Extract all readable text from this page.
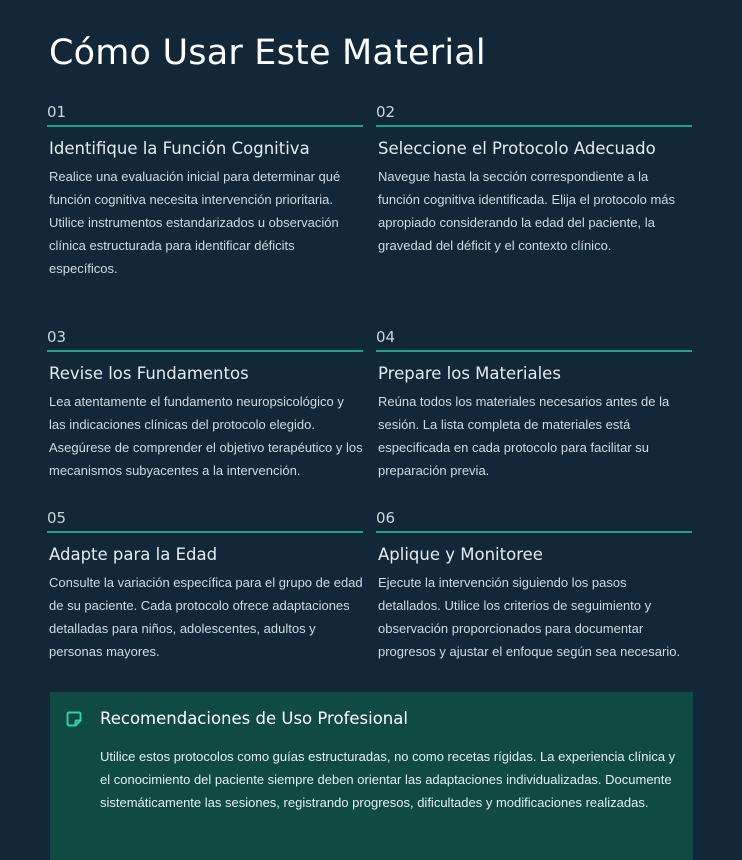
Cómo Usar Este Material
01
Identifique la Función Cognitiva

Realice una evaluación inicial para determinar qué función cognitiva necesita intervención prioritaria. Utilice instrumentos estandarizados u observación clínica estructurada para identificar déficits específicos.

02
Seleccione el Protocolo Adecuado

Navegue hasta la sección correspondiente a la función cognitiva identificada. Elija el protocolo más apropiado considerando la edad del paciente, la gravedad del déficit y el contexto clínico.

03
Revise los Fundamentos

Lea atentamente el fundamento neuropsicológico y las indicaciones clínicas del protocolo elegido. Asegúrese de comprender el objetivo terapéutico y los mecanismos subyacentes a la intervención.

04
Prepare los Materiales

Reúna todos los materiales necesarios antes de la sesión. La lista completa de materiales está especificada en cada protocolo para facilitar su preparación previa.

05
Adapte para la Edad

Consulte la variación específica para el grupo de edad de su paciente. Cada protocolo ofrece adaptaciones detalladas para niños, adolescentes, adultos y personas mayores.

06
Aplique y Monitoree

Ejecute la intervención siguiendo los pasos detallados. Utilice los criterios de seguimiento y observación proporcionados para documentar progresos y ajustar el enfoque según sea necesario.

Recomendaciones de Uso Profesional

Utilice estos protocolos como guías estructuradas, no como recetas rígidas. La experiencia clínica y el conocimiento del paciente siempre deben orientar las adaptaciones individualizadas. Documente sistemáticamente las sesiones, registrando progresos, dificultades y modificaciones realizadas.
